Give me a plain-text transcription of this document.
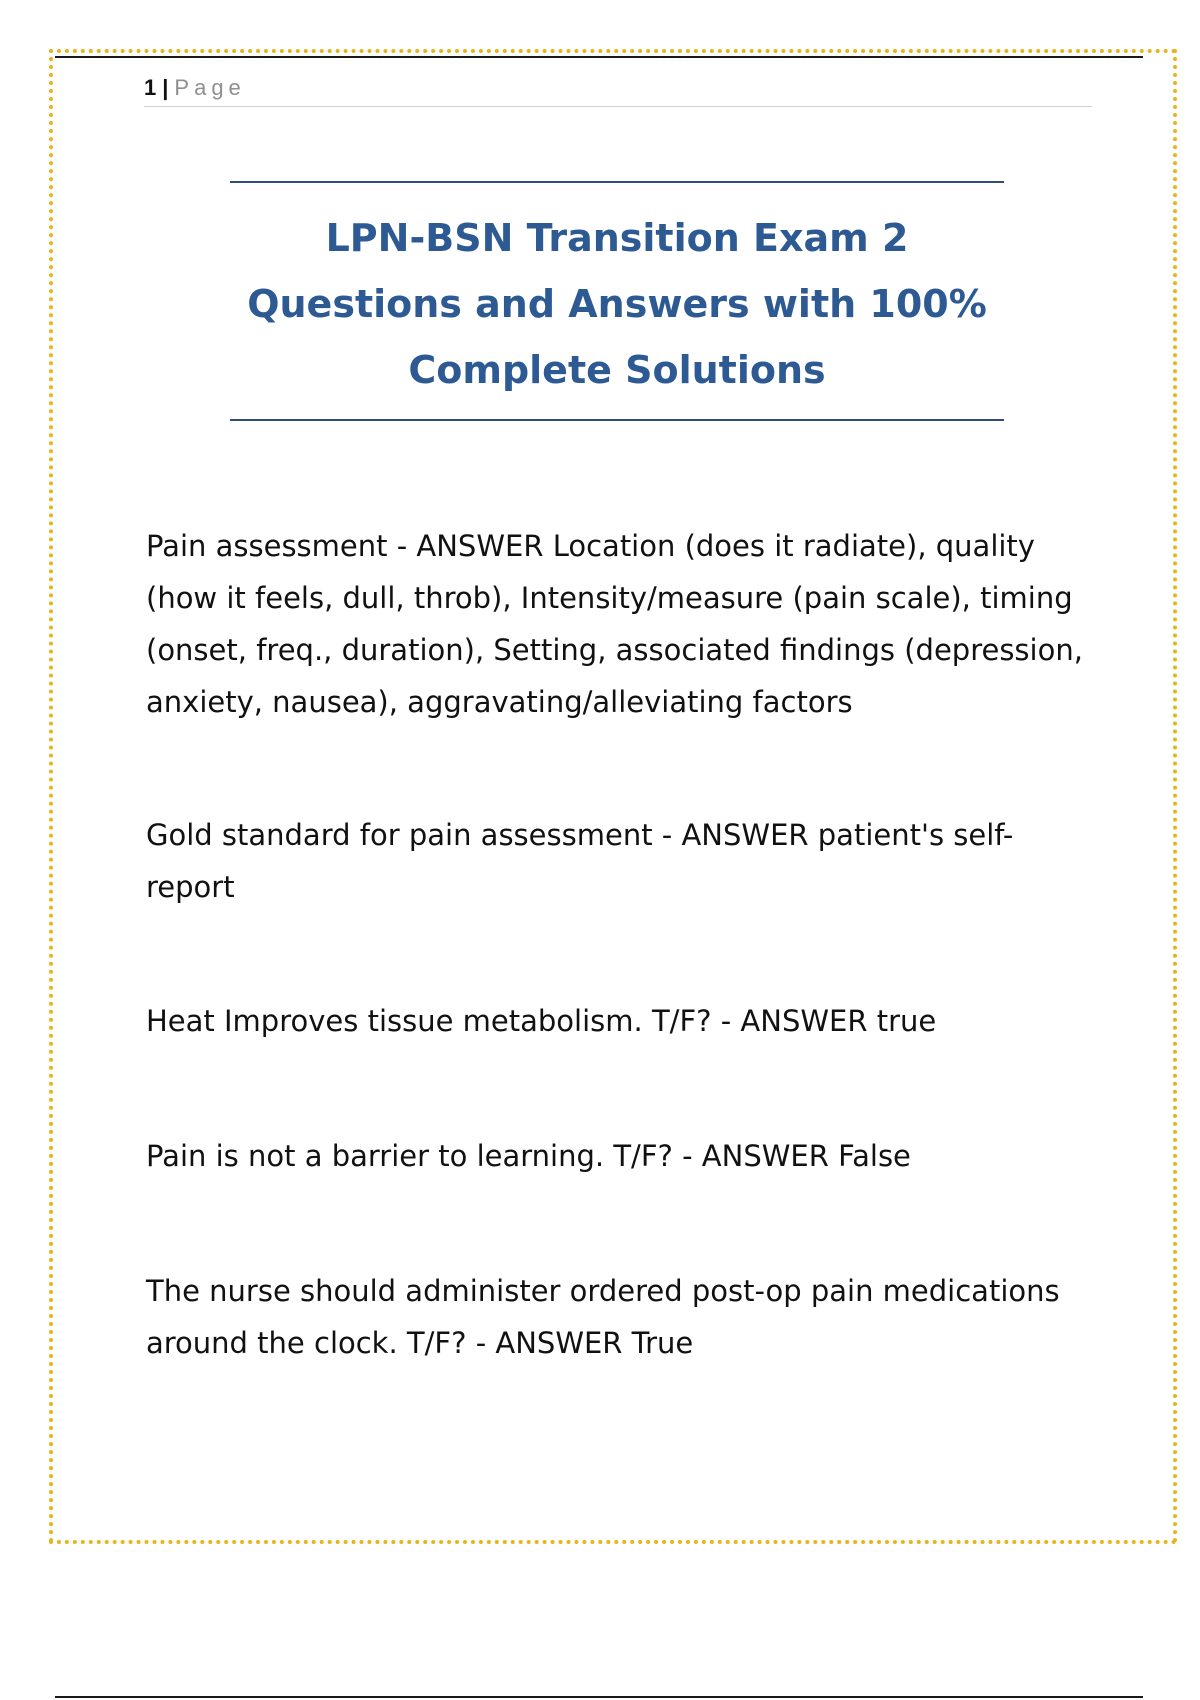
1 | Page
LPN-BSN Transition Exam 2 Questions and Answers with 100% Complete Solutions

Pain assessment - ANSWER Location (does it radiate), quality (how it feels, dull, throb), Intensity/measure (pain scale), timing (onset, freq., duration), Setting, associated findings (depression, anxiety, nausea), aggravating/alleviating factors

Gold standard for pain assessment - ANSWER patient's self-report

Heat Improves tissue metabolism. T/F? - ANSWER true

Pain is not a barrier to learning. T/F? - ANSWER False

The nurse should administer ordered post-op pain medications around the clock. T/F? - ANSWER True
